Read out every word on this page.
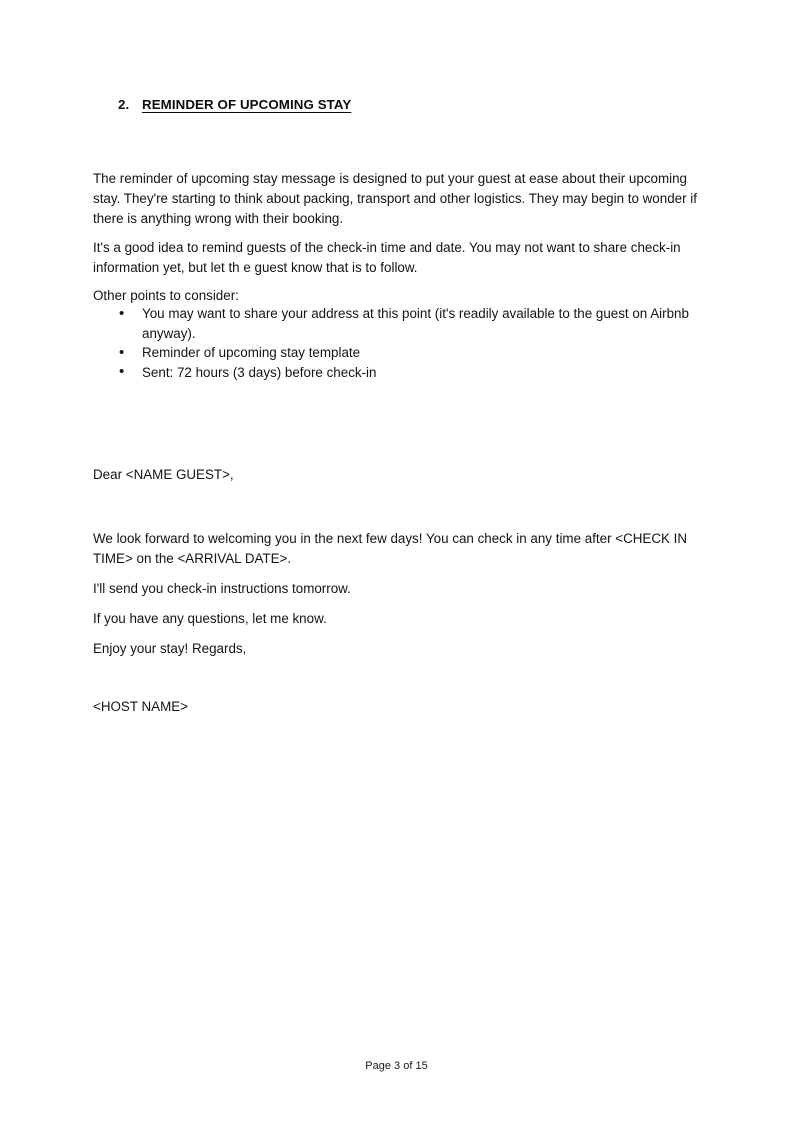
2. REMINDER OF UPCOMING STAY

The reminder of upcoming stay message is designed to put your guest at ease about their upcoming stay. They're starting to think about packing, transport and other logistics. They may begin to wonder if there is anything wrong with their booking.

It's a good idea to remind guests of the check-in time and date. You may not want to share check-in information yet, but let th e guest know that is to follow.

Other points to consider:

• You may want to share your address at this point (it's readily available to the guest on Airbnb anyway).
• Reminder of upcoming stay template
• Sent: 72 hours (3 days) before check-in

Dear <NAME GUEST>,

We look forward to welcoming you in the next few days! You can check in any time after <CHECK IN TIME> on the <ARRIVAL DATE>.

I'll send you check-in instructions tomorrow.

If you have any questions, let me know.

Enjoy your stay! Regards,

<HOST NAME>

Page 3 of 15
